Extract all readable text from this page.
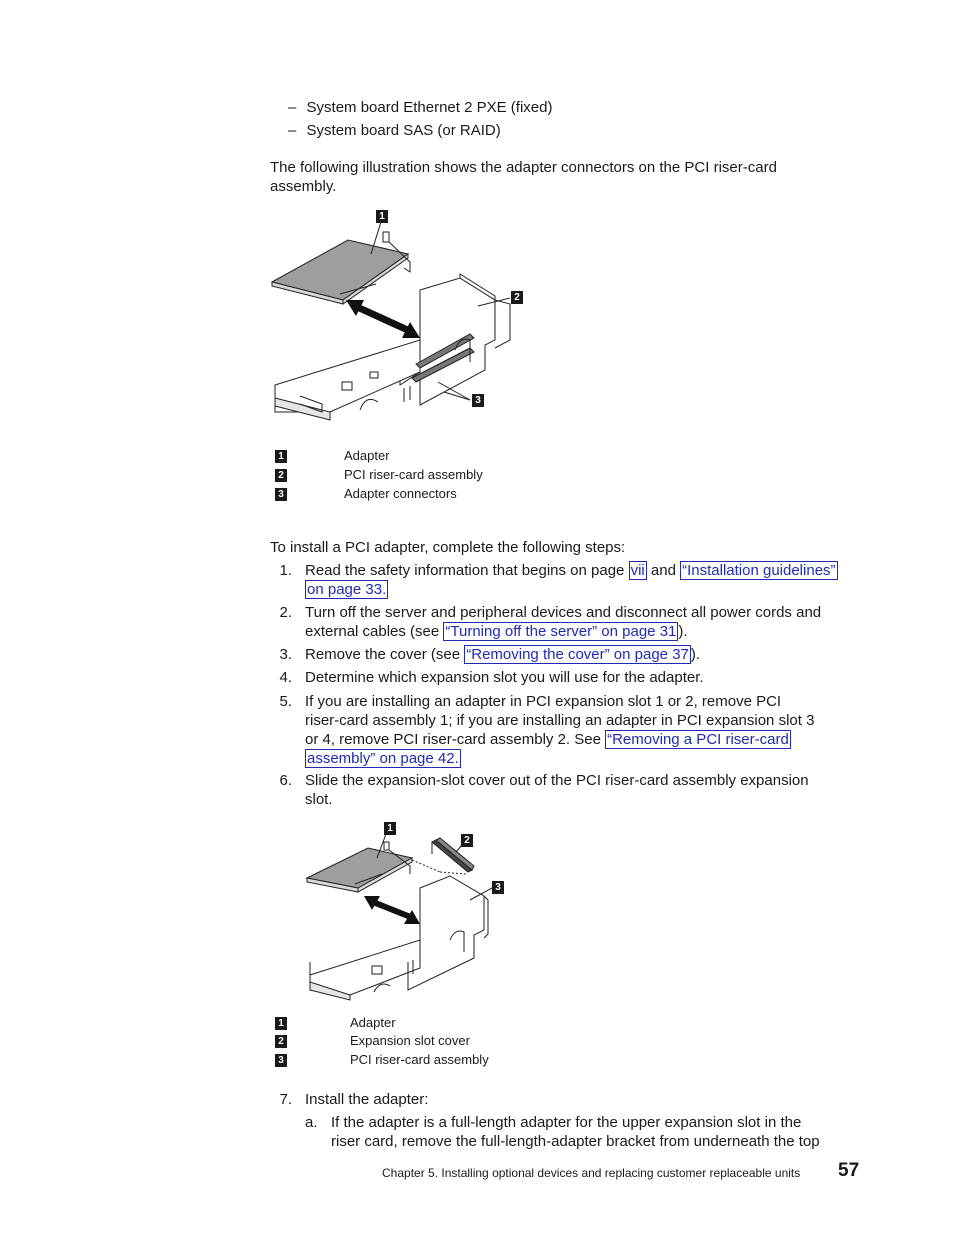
– System board Ethernet 2 PXE (fixed)
– System board SAS (or RAID)
The following illustration shows the adapter connectors on the PCI riser-card
assembly.
1
2
3
1	Adapter
2	PCI riser-card assembly
3	Adapter connectors
To install a PCI adapter, complete the following steps:
1.
2.
3.
4.
5.
6.
7.
Read the safety information that begins on page vii and “Installation guidelines”
on page 33.
Turn off the server and peripheral devices and disconnect all power cords and
external cables (see “Turning off the server” on page 31 ).
Remove the cover (see “Removing the cover” on page 37 ).
Determine which expansion slot you will use for the adapter.
If you are installing an adapter in PCI expansion slot 1 or 2, remove PCI
riser-card assembly 1; if you are installing an adapter in PCI expansion slot 3
or 4, remove PCI riser-card assembly 2. See “Removing a PCI riser-card
assembly” on page 42.
Slide the expansion-slot cover out of the PCI riser-card assembly expansion
slot.
1
2
3
1	Adapter
2	Expansion slot cover
3	PCI riser-card assembly
Install the adapter:
a. If the adapter is a full-length adapter for the upper expansion slot in the
riser card, remove the full-length-adapter bracket from underneath the top
Chapter 5. Installing optional devices and replacing customer replaceable units 57
